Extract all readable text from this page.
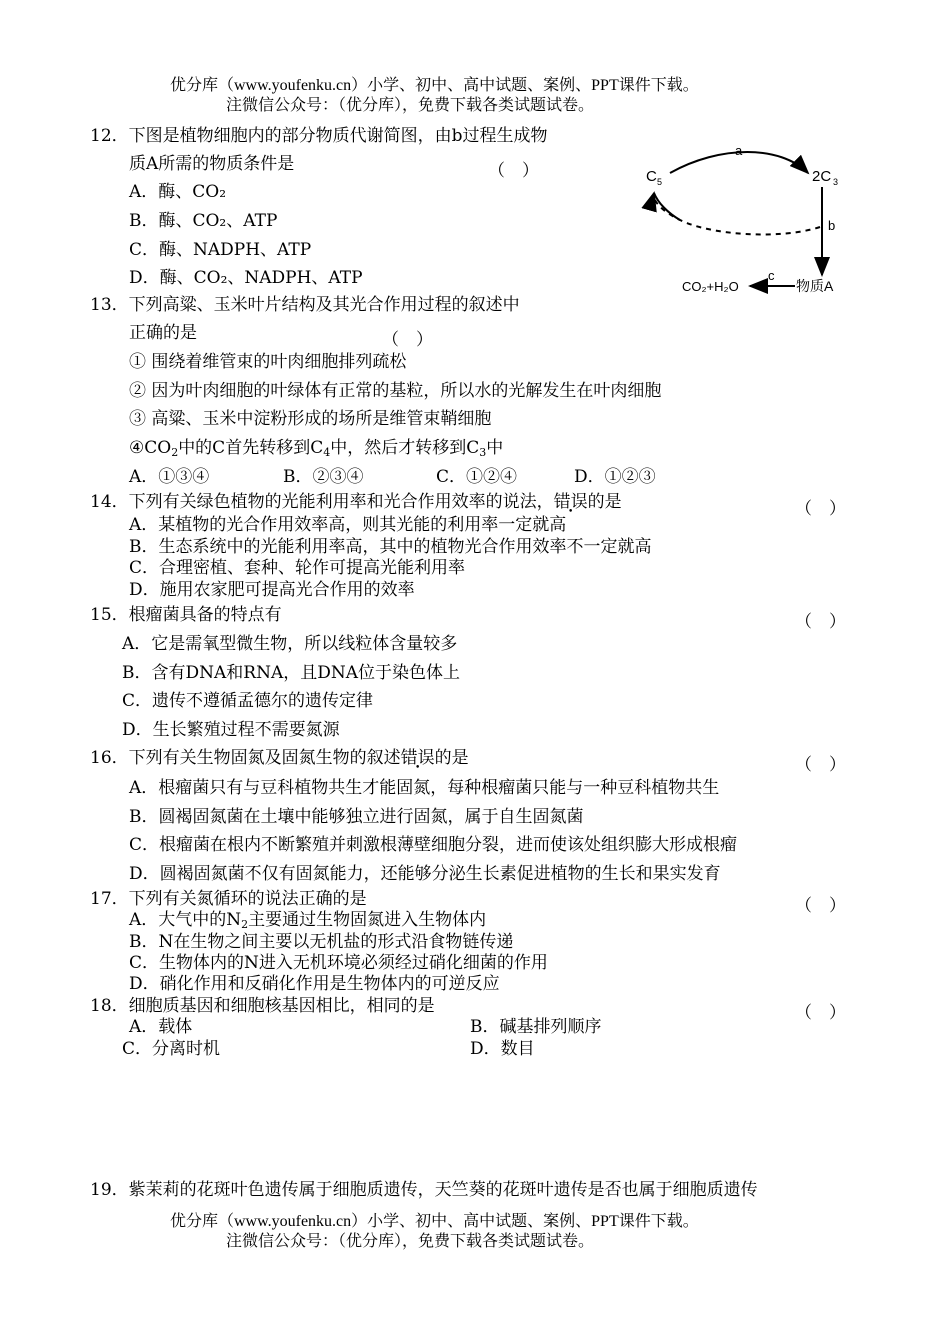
优分库（www.youfenku.cn）小学、初中、高中试题、案例、PPT课件下载。
注微信公众号：（优分库），免费下载各类试题试卷。
a
C 5	2C 3
b
c
CO₂+H₂O	物质A
12．下图是植物细胞内的部分物质代谢简图，由b过程生成物
质A所需的物质条件是	（　）
A．酶、CO₂
B．酶、CO₂、ATP
C．酶、NADPH、ATP
D．酶、CO₂、NADPH、ATP
13．下列高粱、玉米叶片结构及其光合作用过程的叙述中
正确的是	（　）
① 围绕着维管束的叶肉细胞排列疏松
② 因为叶肉细胞的叶绿体有正常的基粒，所以水的光解发生在叶肉细胞
③ 高粱、玉米中淀粉形成的场所是维管束鞘细胞
$④CO_2$中的C首先转移到$C_4$中，然后才转移到$C_3$中
A．①③④	B．②③④	C．①②④	D．①②③
14．下列有关绿色植物的光能利用率和光合作用效率的说法，错误的是	（　）
A．某植物的光合作用效率高，则其光能的利用率一定就高
B．生态系统中的光能利用率高，其中的植物光合作用效率不一定就高
C．合理密植、套种、轮作可提高光能利用率
D．施用农家肥可提高光合作用的效率
15．根瘤菌具备的特点有	（　）
A．它是需氧型微生物，所以线粒体含量较多
B．含有DNA和RNA，且DNA位于染色体上
C．遗传不遵循孟德尔的遗传定律
D．生长繁殖过程不需要氮源
16．下列有关生物固氮及固氮生物的叙述错误的是	（　）
A．根瘤菌只有与豆科植物共生才能固氮，每种根瘤菌只能与一种豆科植物共生
B．圆褐固氮菌在土壤中能够独立进行固氮，属于自生固氮菌
C．根瘤菌在根内不断繁殖并刺激根薄壁细胞分裂，进而使该处组织膨大形成根瘤
D．圆褐固氮菌不仅有固氮能力，还能够分泌生长素促进植物的生长和果实发育
17．下列有关氮循环的说法正确的是	（　）
A．大气中的$N_2$主要通过生物固氮进入生物体内
B．N在生物之间主要以无机盐的形式沿食物链传递
C．生物体内的N进入无机环境必须经过硝化细菌的作用
D．硝化作用和反硝化作用是生物体内的可逆反应
18．细胞质基因和细胞核基因相比，相同的是	（　）
A．载体	B．碱基排列顺序
C．分离时机	D．数目
19．紫茉莉的花斑叶色遗传属于细胞质遗传，天竺葵的花斑叶遗传是否也属于细胞质遗传
优分库（www.youfenku.cn）小学、初中、高中试题、案例、PPT课件下载。
注微信公众号：（优分库），免费下载各类试题试卷。
